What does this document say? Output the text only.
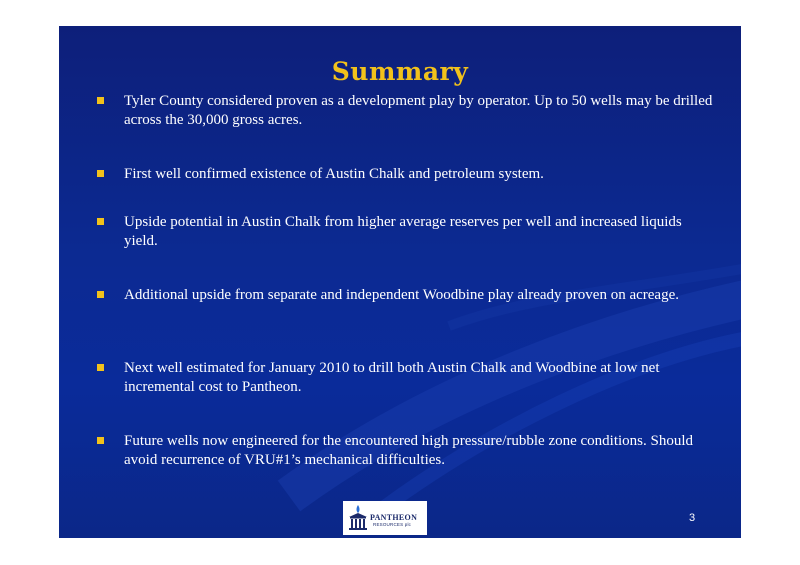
Summary
Tyler County considered proven as a development play by operator. Up to 50 wells may be drilled across the 30,000 gross acres.
First well confirmed existence of Austin Chalk and petroleum system.
Upside potential in Austin Chalk from higher average reserves per well and increased liquids yield.
Additional upside from separate and independent Woodbine play already proven on acreage.
Next well estimated for January 2010 to drill both Austin Chalk and Woodbine at low net incremental cost to Pantheon.
Future wells now engineered for the encountered high pressure/rubble zone conditions. Should avoid recurrence of VRU#1’s mechanical difficulties.
PANTHEON
RESOURCES plc
3
